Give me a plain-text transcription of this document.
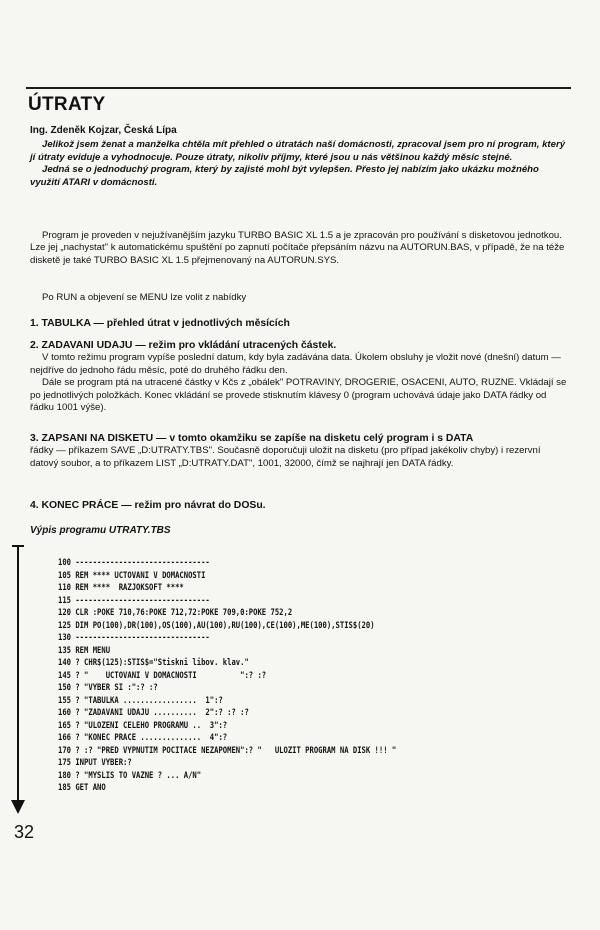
ÚTRATY
Ing. Zdeněk Kojzar, Česká Lípa

Jelikož jsem ženat a manželka chtěla mít přehled o útratách naší domácnosti, zpracoval jsem pro ní program, který jí útraty eviduje a vyhodnocuje. Pouze útraty, nikoliv příjmy, které jsou u nás většinou každý měsíc stejné.

Jedná se o jednoduchý program, který by zajisté mohl být vylepšen. Přesto jej nabízím jako ukázku možného využití ATARI v domácnosti.

Program je proveden v nejužívanějším jazyku TURBO BASIC XL 1.5 a je zpracován pro používání s disketovou jednotkou. Lze jej „nachystat" k automatickému spuštění po zapnutí počítače přepsáním názvu na AUTORUN.BAS, v případě, že na téže disketě je také TURBO BASIC XL 1.5 přejmenovaný na AUTORUN.SYS.

Po RUN a objevení se MENU lze volit z nabídky

1. TABULKA — přehled útrat v jednotlivých měsících

2. ZADAVANI UDAJU — režim pro vkládání utracených částek.

V tomto režimu program vypíše poslední datum, kdy byla zadávána data. Úkolem obsluhy je vložit nové (dnešní) datum — nejdříve do jednoho řádu měsíc, poté do druhého řádku den.

Dále se program ptá na utracené částky v Kčs z „obálek" POTRAVINY, DROGERIE, OSACENI, AUTO, RUZNE. Vkládají se po jednotlivých položkách. Konec vkládání se provede stisknutím klávesy 0 (program uchovává údaje jako DATA řádky od řádku 1001 výše).

3. ZAPSANI NA DISKETU — v tomto okamžiku se zapíše na disketu celý program i s DATA

řádky — příkazem SAVE „D:UTRATY.TBS". Současně doporučuji uložit na disketu (pro případ jakékoliv chyby) i rezervní datový soubor, a to příkazem LIST „D:UTRATY.DAT", 1001, 32000, čímž se najhrají jen DATA řádky.

4. KONEC PRÁCE — režim pro návrat do DOSu.

Výpis programu UTRATY.TBS
100 -------------------------------
105 REM **** UCTOVANI V DOMACNOSTI
110 REM ****  RAZJOKSOFT ****
115 -------------------------------
120 CLR :POKE 710,76:POKE 712,72:POKE 709,0:POKE 752,2
125 DIM PO(100),DR(100),OS(100),AU(100),RU(100),CE(100),ME(100),STIS$(20)
130 -------------------------------
135 REM MENU
140 ? CHR$(125):STIS$="Stiskni libov. klav."
145 ? "    UCTOVANI V DOMACNOSTI          ":? :?
150 ? "VYBER SI :":? :?
155 ? "TABULKA .................  1":?
160 ? "ZADAVANI UDAJU ..........  2":? :? :?
165 ? "ULOZENI CELEHO PROGRAMU ..  3":?
166 ? "KONEC PRACE ..............  4":?
170 ? :? "PRED VYPNUTIM POCITACE NEZAPOMEN":? "   ULOZIT PROGRAM NA DISK !!! "
175 INPUT VYBER:?
180 ? "MYSLIS TO VAZNE ? ... A/N"
185 GET ANO
32
